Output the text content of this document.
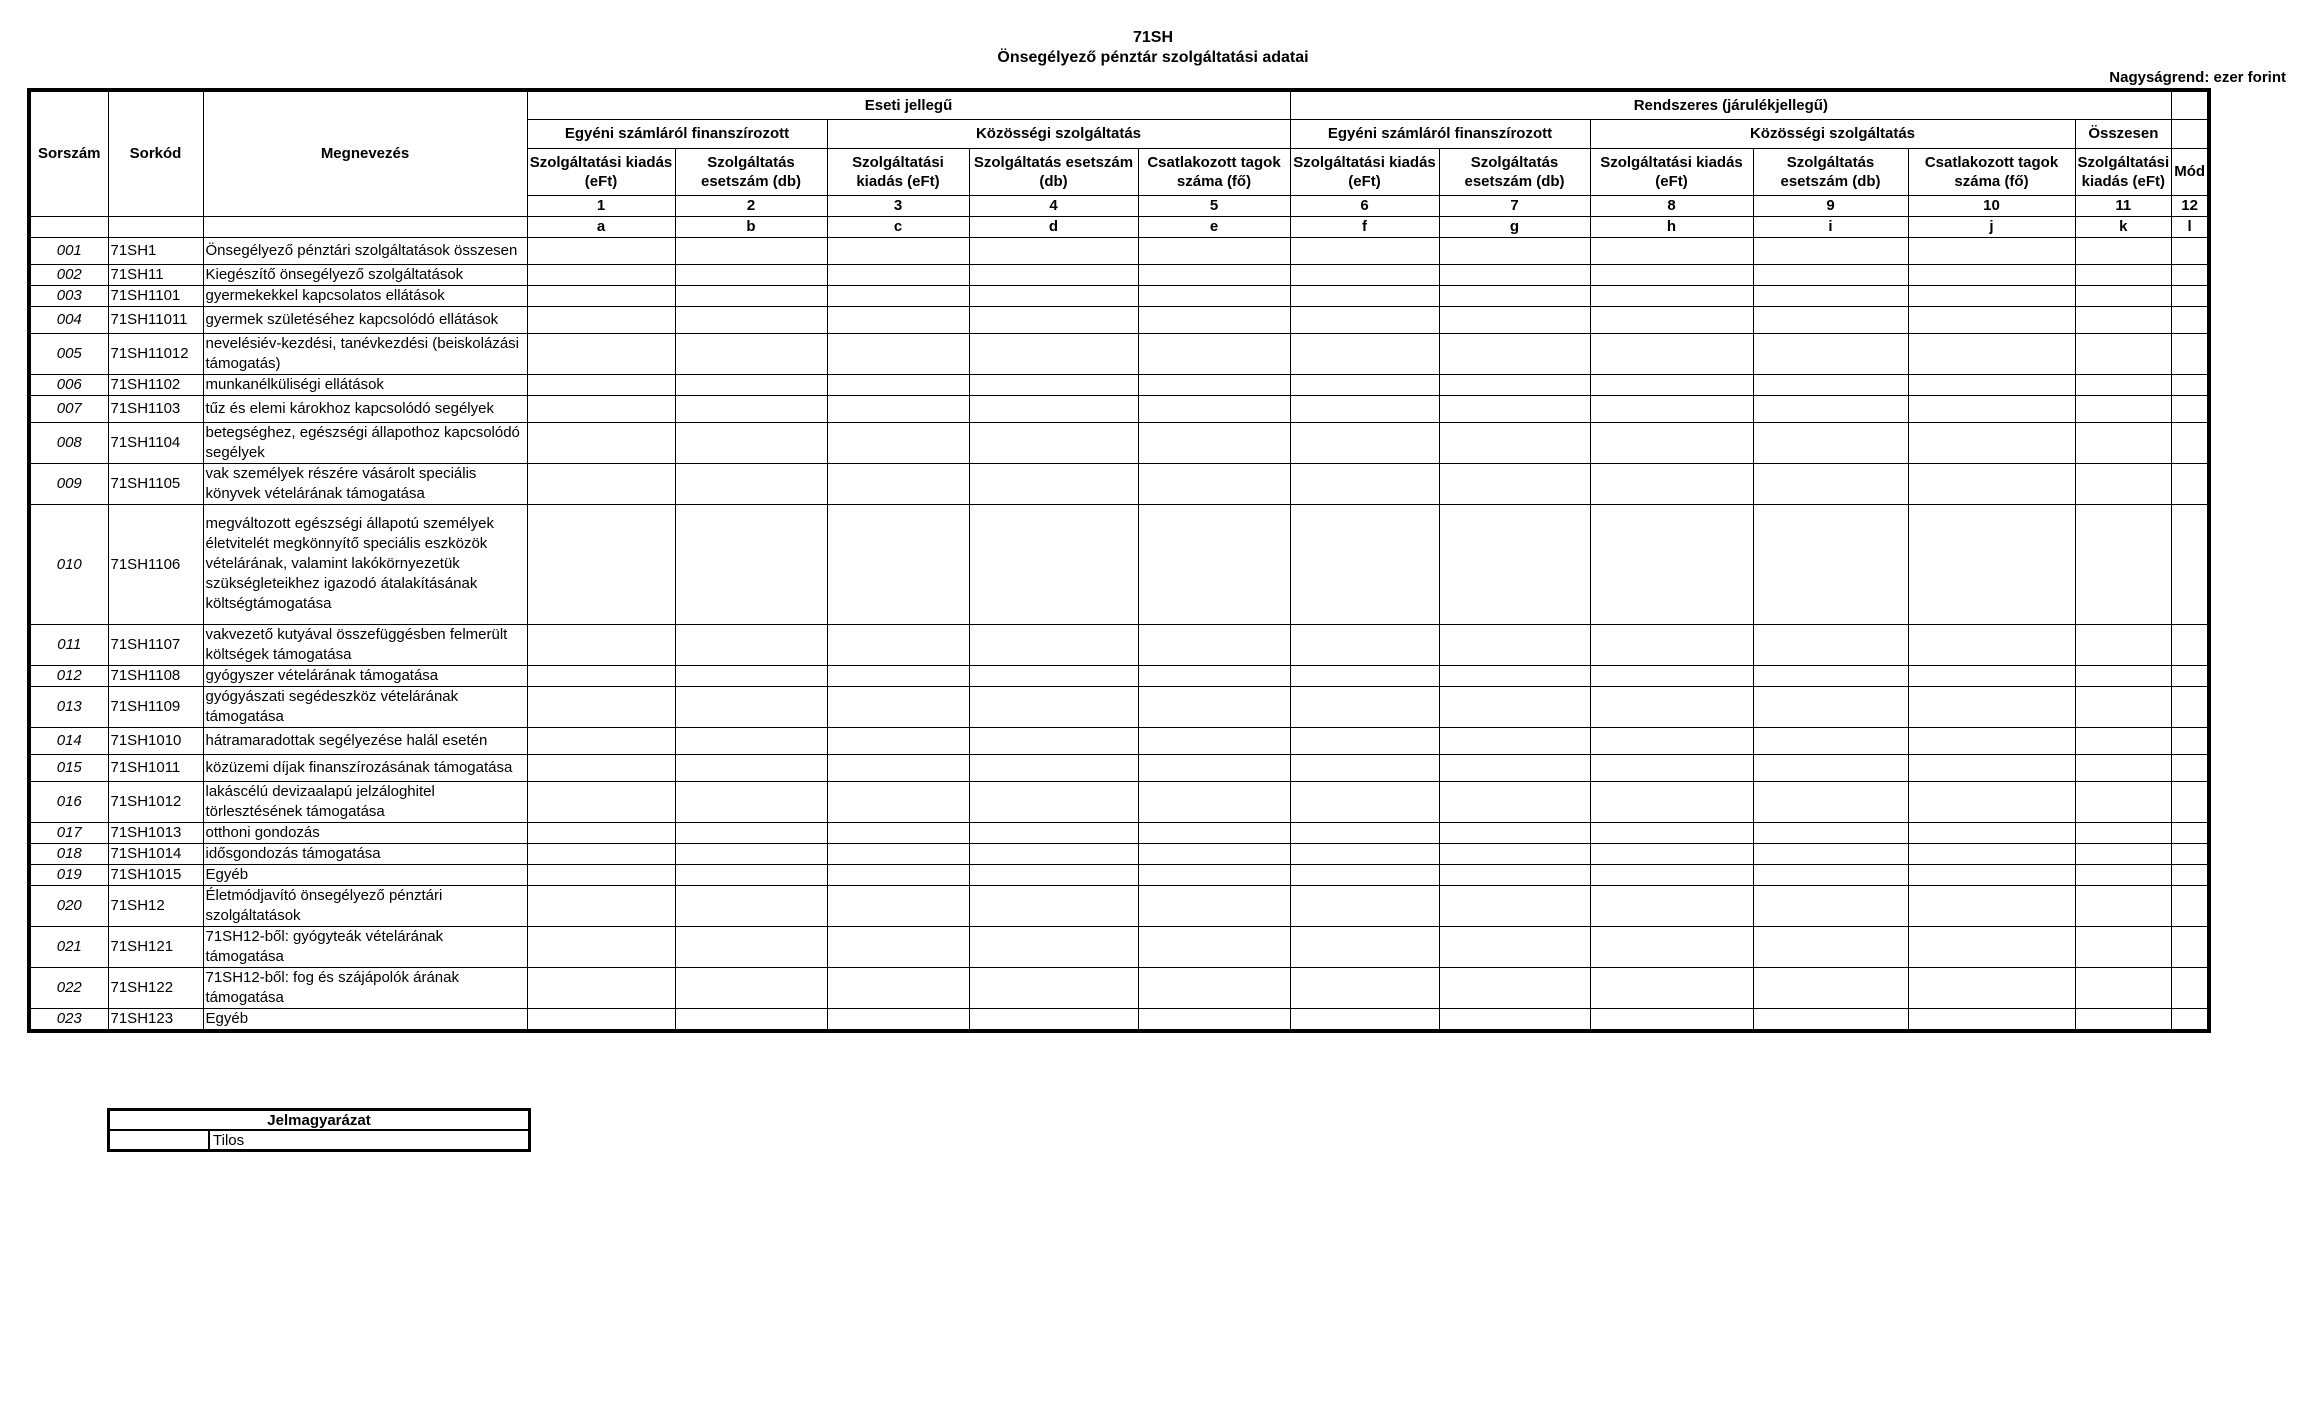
71SH
Önsegélyező pénztár szolgáltatási adatai
Nagyságrend: ezer forint
Sorszám	Sorkód	Megnevezés	Eseti jellegű					Rendszeres (járulékjellegű)						
			Egyéni számláról finanszírozott		Közösségi szolgáltatás			Egyéni számláról finanszírozott		Közösségi szolgáltatás			Összesen	
			Szolgáltatási kiadás (eFt)	Szolgáltatás esetszám (db)	Szolgáltatási kiadás (eFt)	Szolgáltatás esetszám (db)	Csatlakozott tagok száma (fő)	Szolgáltatási kiadás (eFt)	Szolgáltatás esetszám (db)	Szolgáltatási kiadás (eFt)	Szolgáltatás esetszám (db)	Csatlakozott tagok száma (fő)	Szolgáltatási kiadás (eFt)	Mód
			1	2	3	4	5	6	7	8	9	10	11	12
			a	b	c	d	e	f	g	h	i	j	k	l
001	71SH1	Önsegélyező pénztári szolgáltatások összesen												
002	71SH11	Kiegészítő önsegélyező szolgáltatások												
003	71SH1101	gyermekekkel kapcsolatos ellátások												
004	71SH11011	gyermek születéséhez kapcsolódó ellátások												
005	71SH11012	nevelésiév-kezdési, tanévkezdési (beiskolázási támogatás)												
006	71SH1102	munkanélküliségi ellátások												
007	71SH1103	tűz és elemi károkhoz kapcsolódó segélyek												
008	71SH1104	betegséghez, egészségi állapothoz kapcsolódó segélyek												
009	71SH1105	vak személyek részére vásárolt speciális könyvek vételárának támogatása												
010	71SH1106	megváltozott egészségi állapotú személyek életvitelét megkönnyítő speciális eszközök vételárának, valamint lakókörnyezetük szükségleteikhez igazodó átalakításának költségtámogatása												
011	71SH1107	vakvezető kutyával összefüggésben felmerült költségek támogatása												
012	71SH1108	gyógyszer vételárának támogatása												
013	71SH1109	gyógyászati segédeszköz vételárának támogatása												
014	71SH1010	hátramaradottak segélyezése halál esetén												
015	71SH1011	közüzemi díjak finanszírozásának támogatása												
016	71SH1012	lakáscélú devizaalapú jelzáloghitel törlesztésének támogatása												
017	71SH1013	otthoni gondozás												
018	71SH1014	idősgondozás támogatása												
019	71SH1015	Egyéb												
020	71SH12	Életmódjavító önsegélyező pénztári szolgáltatások												
021	71SH121	71SH12-ből: gyógyteák vételárának támogatása												
022	71SH122	71SH12-ből: fog és szájápolók árának támogatása												
023	71SH123	Egyéb												
Jelmagyarázat
	Tilos
